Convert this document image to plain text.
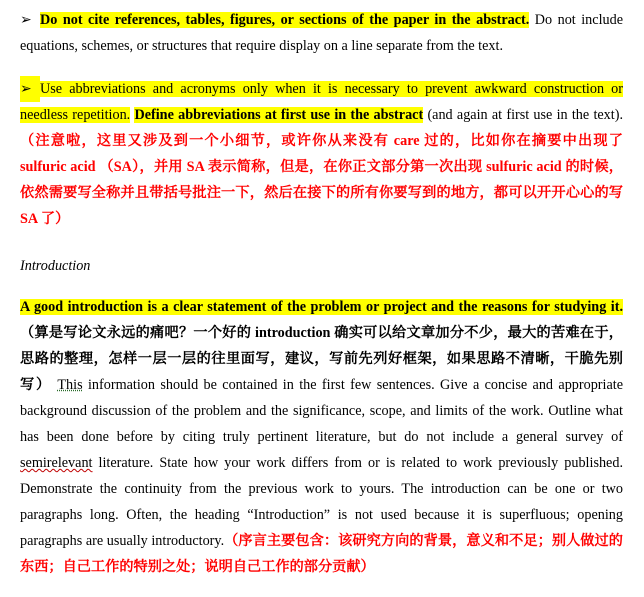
➢ Do not cite references, tables, figures, or sections of the paper in the abstract. Do not include equations, schemes, or structures that require display on a line separate from the text.
➢ Use abbreviations and acronyms only when it is necessary to prevent awkward construction or needless repetition. Define abbreviations at first use in the abstract (and again at first use in the text).（注意啦，这里又涉及到一个小细节，或许你从来没有 care 过的，比如你在摘要中出现了 sulfuric acid （SA），并用 SA 表示简称，但是，在你正文部分第一次出现 sulfuric acid 的时候，依然需要写全称并且带括号批注一下，然后在接下的所有你要写到的地方，都可以开开心心的写 SA 了）
Introduction
A good introduction is a clear statement of the problem or project and the reasons for studying it.（算是写论文永远的痛吧？一个好的 introduction 确实可以给文章加分不少，最大的苦难在于，思路的整理，怎样一层一层的往里面写，建议，写前先列好框架，如果思路不清晰，干脆先别写） This information should be contained in the first few sentences. Give a concise and appropriate background discussion of the problem and the significance, scope, and limits of the work. Outline what has been done before by citing truly pertinent literature, but do not include a general survey of semirelevant literature. State how your work differs from or is related to work previously published. Demonstrate the continuity from the previous work to yours. The introduction can be one or two paragraphs long. Often, the heading “Introduction” is not used because it is superfluous; opening paragraphs are usually introductory.（序言主要包含：该研究方向的背景，意义和不足；别人做过的东西；自己工作的特别之处；说明自己工作的部分贡献）
